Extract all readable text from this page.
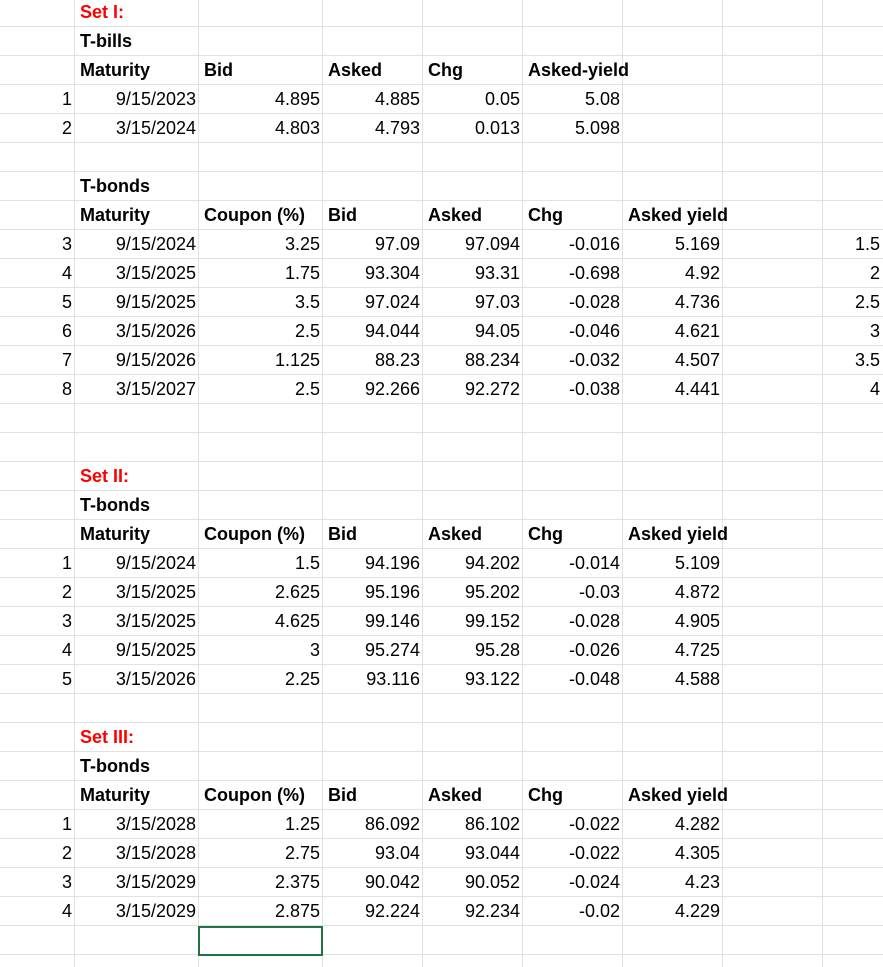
Set I:
T-bills
Maturity	Bid	Asked	Chg	Asked-yield
1	9/15/2023	4.895	4.885	0.05	5.08
2	3/15/2024	4.803	4.793	0.013	5.098
T-bonds
Maturity	Coupon (%)	Bid	Asked	Chg	Asked yield
3	9/15/2024	3.25	97.09	97.094	-0.016	5.169	1.5
4	3/15/2025	1.75	93.304	93.31	-0.698	4.92	2
5	9/15/2025	3.5	97.024	97.03	-0.028	4.736	2.5
6	3/15/2026	2.5	94.044	94.05	-0.046	4.621	3
7	9/15/2026	1.125	88.23	88.234	-0.032	4.507	3.5
8	3/15/2027	2.5	92.266	92.272	-0.038	4.441	4
Set II:
T-bonds
Maturity	Coupon (%)	Bid	Asked	Chg	Asked yield
1	9/15/2024	1.5	94.196	94.202	-0.014	5.109
2	3/15/2025	2.625	95.196	95.202	-0.03	4.872
3	3/15/2025	4.625	99.146	99.152	-0.028	4.905
4	9/15/2025	3	95.274	95.28	-0.026	4.725
5	3/15/2026	2.25	93.116	93.122	-0.048	4.588
Set III:
T-bonds
Maturity	Coupon (%)	Bid	Asked	Chg	Asked yield
1	3/15/2028	1.25	86.092	86.102	-0.022	4.282
2	3/15/2028	2.75	93.04	93.044	-0.022	4.305
3	3/15/2029	2.375	90.042	90.052	-0.024	4.23
4	3/15/2029	2.875	92.224	92.234	-0.02	4.229
